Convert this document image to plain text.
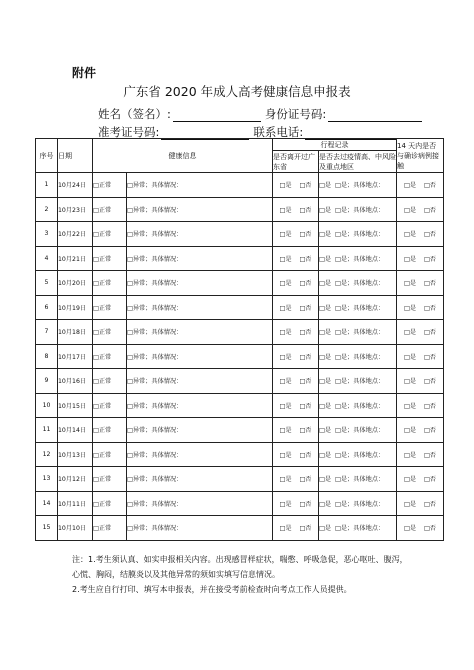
附件
广东省 2020 年成人高考健康信息申报表
姓名（签名）:	身份证号码:
准考证号码:	联系电话:
序号	日期	健康信息		行程记录		14 天内是否与确诊病例接触
				是否离开过广东省	是否去过疫情高、中风险及重点地区	
1	10月24日	□正常	□异常；具体情况：	□是 □否	□是 □是；具体地点：	□是 □否
2	10月23日	□正常	□异常；具体情况：	□是 □否	□是 □是；具体地点：	□是 □否
3	10月22日	□正常	□异常；具体情况：	□是 □否	□是 □是；具体地点：	□是 □否
4	10月21日	□正常	□异常；具体情况：	□是 □否	□是 □是；具体地点：	□是 □否
5	10月20日	□正常	□异常；具体情况：	□是 □否	□是 □是；具体地点：	□是 □否
6	10月19日	□正常	□异常；具体情况：	□是 □否	□是 □是；具体地点：	□是 □否
7	10月18日	□正常	□异常；具体情况：	□是 □否	□是 □是；具体地点：	□是 □否
8	10月17日	□正常	□异常；具体情况：	□是 □否	□是 □是；具体地点：	□是 □否
9	10月16日	□正常	□异常；具体情况：	□是 □否	□是 □是；具体地点：	□是 □否
10	10月15日	□正常	□异常；具体情况：	□是 □否	□是 □是；具体地点：	□是 □否
11	10月14日	□正常	□异常；具体情况：	□是 □否	□是 □是；具体地点：	□是 □否
12	10月13日	□正常	□异常；具体情况：	□是 □否	□是 □是；具体地点：	□是 □否
13	10月12日	□正常	□异常；具体情况：	□是 □否	□是 □是；具体地点：	□是 □否
14	10月11日	□正常	□异常；具体情况：	□是 □否	□是 □是；具体地点：	□是 □否
15	10月10日	□正常	□异常；具体情况：	□是 □否	□是 □是；具体地点：	□是 □否
注：1.考生须认真、如实申报相关内容。出现感冒样症状，喘憋、呼吸急促，恶心呕吐、腹泻，心慌、胸闷，结膜炎以及其他异常的须如实填写信息情况。
2.考生应自行打印、填写本申报表，并在接受考前检查时向考点工作人员提供。
